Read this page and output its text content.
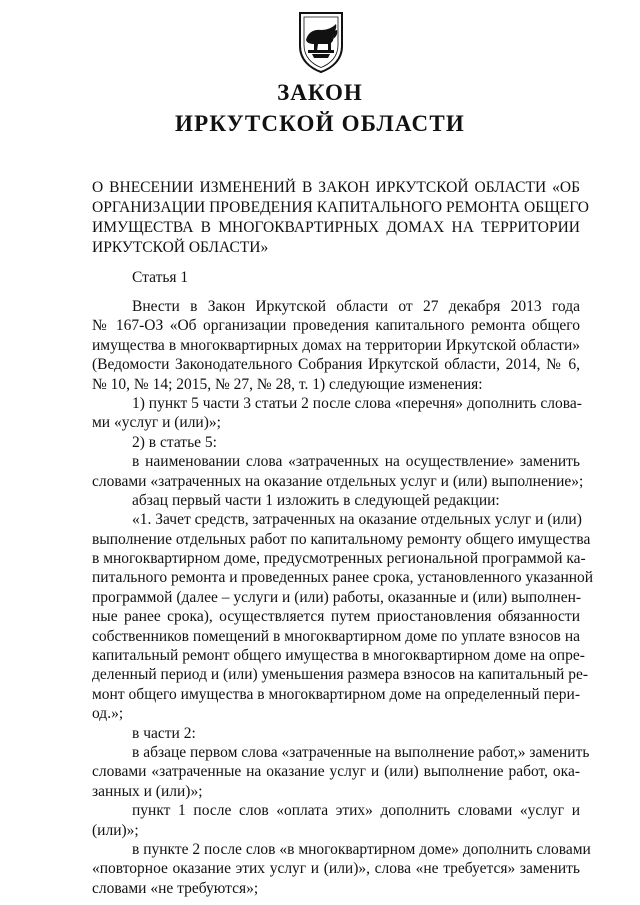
ЗАКОН
ИРКУТСКОЙ ОБЛАСТИ
О ВНЕСЕНИИ ИЗМЕНЕНИЙ В ЗАКОН ИРКУТСКОЙ ОБЛАСТИ «ОБ
ОРГАНИЗАЦИИ ПРОВЕДЕНИЯ КАПИТАЛЬНОГО РЕМОНТА ОБЩЕГО
ИМУЩЕСТВА В МНОГОКВАРТИРНЫХ ДОМАХ НА ТЕРРИТОРИИ
ИРКУТСКОЙ ОБЛАСТИ»
Статья 1
Внести в Закон Иркутской области от 27 декабря 2013 года
№ 167-ОЗ «Об организации проведения капитального ремонта общего
имущества в многоквартирных домах на территории Иркутской области»
(Ведомости Законодательного Собрания Иркутской области, 2014, № 6,
№ 10, № 14; 2015, № 27, № 28, т. 1) следующие изменения:
1) пункт 5 части 3 статьи 2 после слова «перечня» дополнить слова-
ми «услуг и (или)»;
2) в статье 5:
в наименовании слова «затраченных на осуществление» заменить
словами «затраченных на оказание отдельных услуг и (или) выполнение»;
абзац первый части 1 изложить в следующей редакции:
«1. Зачет средств, затраченных на оказание отдельных услуг и (или)
выполнение отдельных работ по капитальному ремонту общего имущества
в многоквартирном доме, предусмотренных региональной программой ка-
питального ремонта и проведенных ранее срока, установленного указанной
программой (далее – услуги и (или) работы, оказанные и (или) выполнен-
ные ранее срока), осуществляется путем приостановления обязанности
собственников помещений в многоквартирном доме по уплате взносов на
капитальный ремонт общего имущества в многоквартирном доме на опре-
деленный период и (или) уменьшения размера взносов на капитальный ре-
монт общего имущества в многоквартирном доме на определенный пери-
од.»;
в части 2:
в абзаце первом слова «затраченные на выполнение работ,» заменить
словами «затраченные на оказание услуг и (или) выполнение работ, ока-
занных и (или)»;
пункт 1 после слов «оплата этих» дополнить словами «услуг и
(или)»;
в пункте 2 после слов «в многоквартирном доме» дополнить словами
«повторное оказание этих услуг и (или)», слова «не требуется» заменить
словами «не требуются»;
